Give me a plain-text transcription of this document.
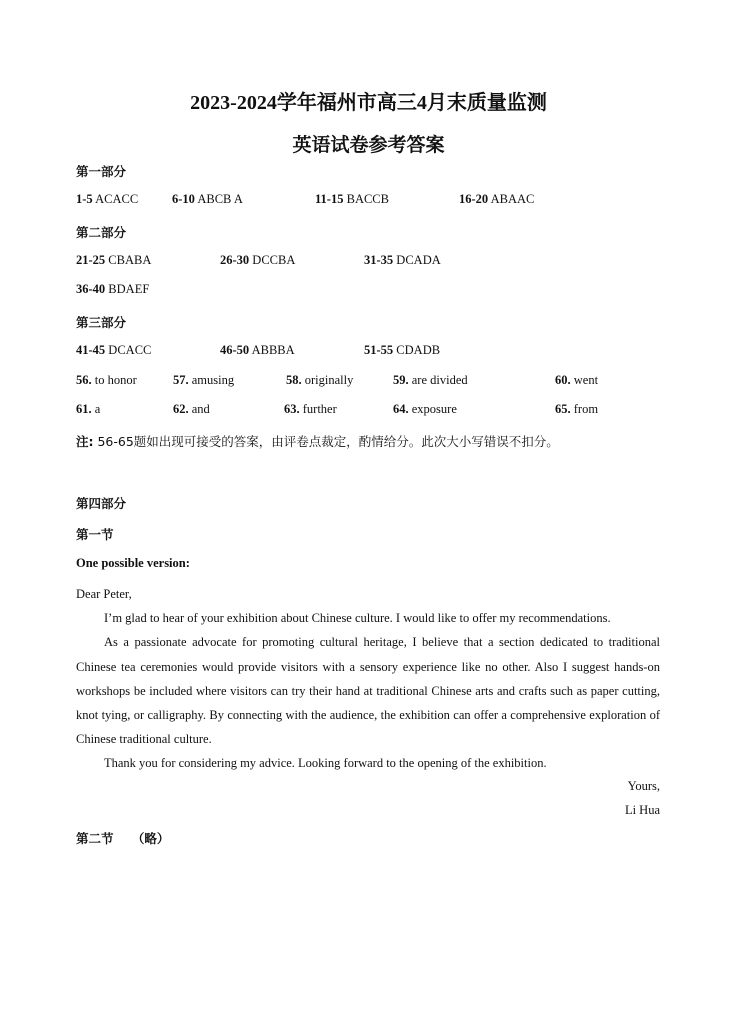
2023-2024学年福州市高三4月末质量监测
英语试卷参考答案
第一部分
1-5 ACACC	6-10 ABCB A	11-15 BACCB	16-20 ABAAC
第二部分
21-25 CBABA	26-30 DCCBA	31-35 DCADA
36-40 BDAEF
第三部分
41-45 DCACC	46-50 ABBBA	51-55 CDADB
56. to honor	57. amusing	58. originally	59. are divided	60. went
61. a	62. and	63. further	64. exposure	65. from
注: 56-65题如出现可接受的答案，由评卷点裁定，酌情给分。此次大小写错误不扣分。
第四部分
第一节
One possible version:

Dear Peter,

I’m glad to hear of your exhibition about Chinese culture. I would like to offer my recommendations.

As a passionate advocate for promoting cultural heritage, I believe that a section dedicated to traditional Chinese tea ceremonies would provide visitors with a sensory experience like no other. Also I suggest hands-on workshops be included where visitors can try their hand at traditional Chinese arts and crafts such as paper cutting, knot tying, or calligraphy. By connecting with the audience, the exhibition can offer a comprehensive exploration of Chinese traditional culture.

Thank you for considering my advice. Looking forward to the opening of the exhibition.

Yours,
Li Hua
第二节 （略）
